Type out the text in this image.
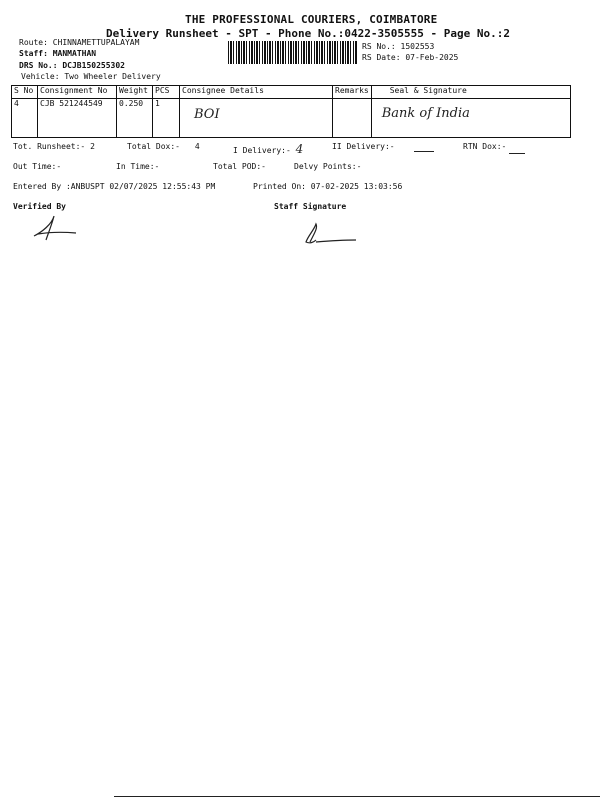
THE PROFESSIONAL COURIERS, COIMBATORE
Delivery Runsheet - SPT - Phone No.:0422-3505555 - Page No.:2
Route: CHINNAMETTUPALAYAM
Staff: MANMATHAN
DRS No.: DCJB150255302
Vehicle: Two Wheeler Delivery
RS No.: 1502553
RS Date: 07-Feb-2025
S No	Consignment No	Weight	PCS	Consignee Details	Remarks	Seal & Signature
4	CJB 521244549	0.250	1	BOI		Bank of India
Tot. Runsheet:- 2	Total Dox:- 4	I Delivery:- 4	II Delivery:-	RTN Dox:-
Out Time:-	In Time:-	Total POD:-	Delvy Points:-
Entered By :ANBUSPT 02/07/2025 12:55:43 PM	Printed On: 07-02-2025 13:03:56
Verified By	Staff Signature
